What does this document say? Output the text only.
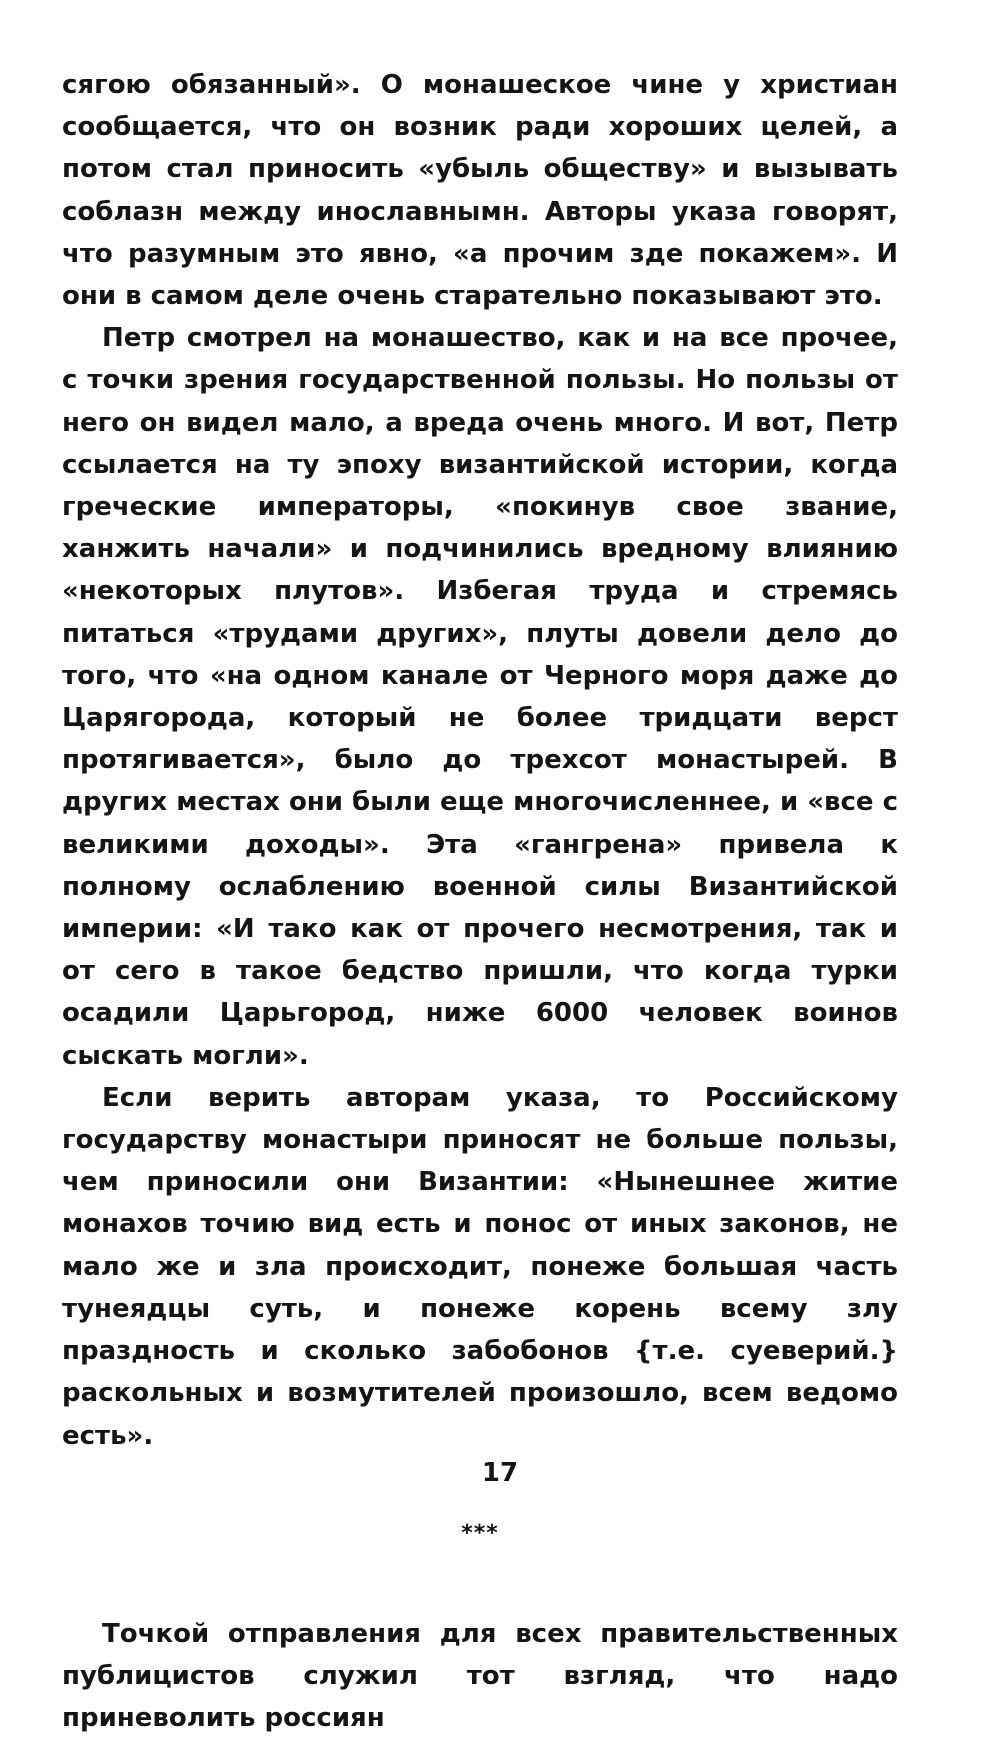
сягою обязанный». О монашеское чине у христиан сообщается, что он возник ради хороших целей, а потом стал приносить «убыль обществу» и вызывать соблазн между инославнымн. Авторы указа говорят, что разумным это явно, «а прочим зде покажем». И они в самом деле очень старательно показывают это.

Петр смотрел на монашество, как и на все прочее, с точки зрения государственной пользы. Но пользы от него он видел мало, а вреда очень много. И вот, Петр ссылается на ту эпоху византийской истории, когда греческие императоры, «покинув свое звание, ханжить начали» и подчинились вредному влиянию «некоторых плутов». Избегая труда и стремясь питаться «трудами других», плуты довели дело до того, что «на одном канале от Черного моря даже до Царягорода, который не более тридцати верст протягивается», было до трехсот монастырей. В других местах они были еще многочисленнее, и «все с великими доходы». Эта «гангрена» привела к полному ослаблению военной силы Византийской империи: «И тако как от прочего несмотрения, так и от сего в такое бедство пришли, что когда турки осадили Царьгород, ниже 6000 человек воинов сыскать могли».

Если верить авторам указа, то Российскому государству монастыри приносят не больше пользы, чем приносили они Византии: «Нынешнее житие монахов точию вид есть и понос от иных законов, не мало же и зла происходит, понеже большая часть тунеядцы суть, и понеже корень всему злу праздность и сколько забобонов {т.е. суеверий.} раскольных и возмутителей произошло, всем ведомо есть».

***

Точкой отправления для всех правительственных публицистов служил тот взгляд, что надо приневолить россиян

17
